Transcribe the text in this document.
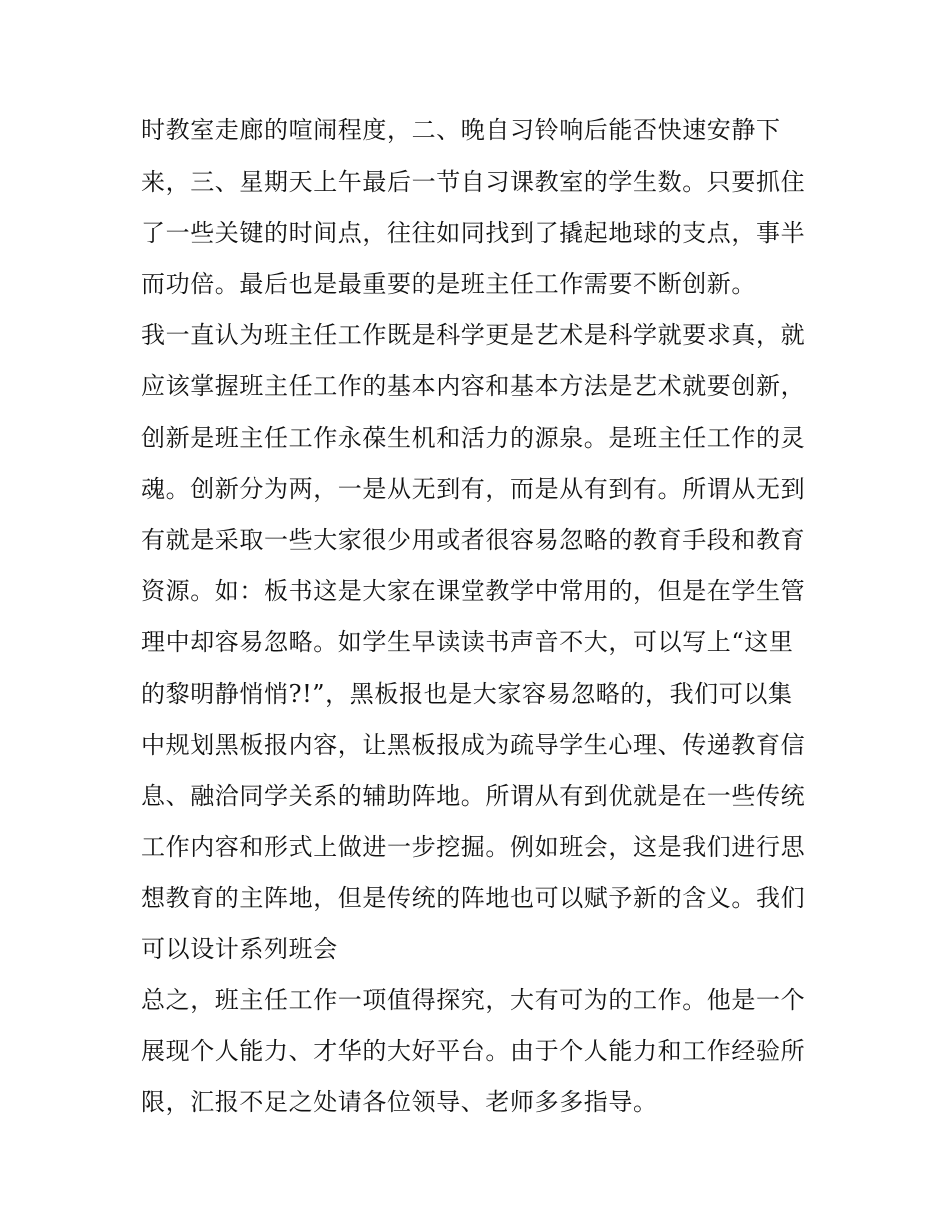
时教室走廊的喧闹程度，二、晚自习铃响后能否快速安静下
来，三、星期天上午最后一节自习课教室的学生数。只要抓住
了一些关键的时间点，往往如同找到了撬起地球的支点，事半
而功倍。最后也是最重要的是班主任工作需要不断创新。
我一直认为班主任工作既是科学更是艺术是科学就要求真，就
应该掌握班主任工作的基本内容和基本方法是艺术就要创新，
创新是班主任工作永葆生机和活力的源泉。是班主任工作的灵
魂。创新分为两，一是从无到有，而是从有到有。所谓从无到
有就是采取一些大家很少用或者很容易忽略的教育手段和教育
资源。如：板书这是大家在课堂教学中常用的，但是在学生管
理中却容易忽略。如学生早读读书声音不大，可以写上“这里
的黎明静悄悄?!”，黑板报也是大家容易忽略的，我们可以集
中规划黑板报内容，让黑板报成为疏导学生心理、传递教育信
息、融洽同学关系的辅助阵地。所谓从有到优就是在一些传统
工作内容和形式上做进一步挖掘。例如班会，这是我们进行思
想教育的主阵地，但是传统的阵地也可以赋予新的含义。我们
可以设计系列班会
总之，班主任工作一项值得探究，大有可为的工作。他是一个
展现个人能力、才华的大好平台。由于个人能力和工作经验所
限，汇报不足之处请各位领导、老师多多指导。
